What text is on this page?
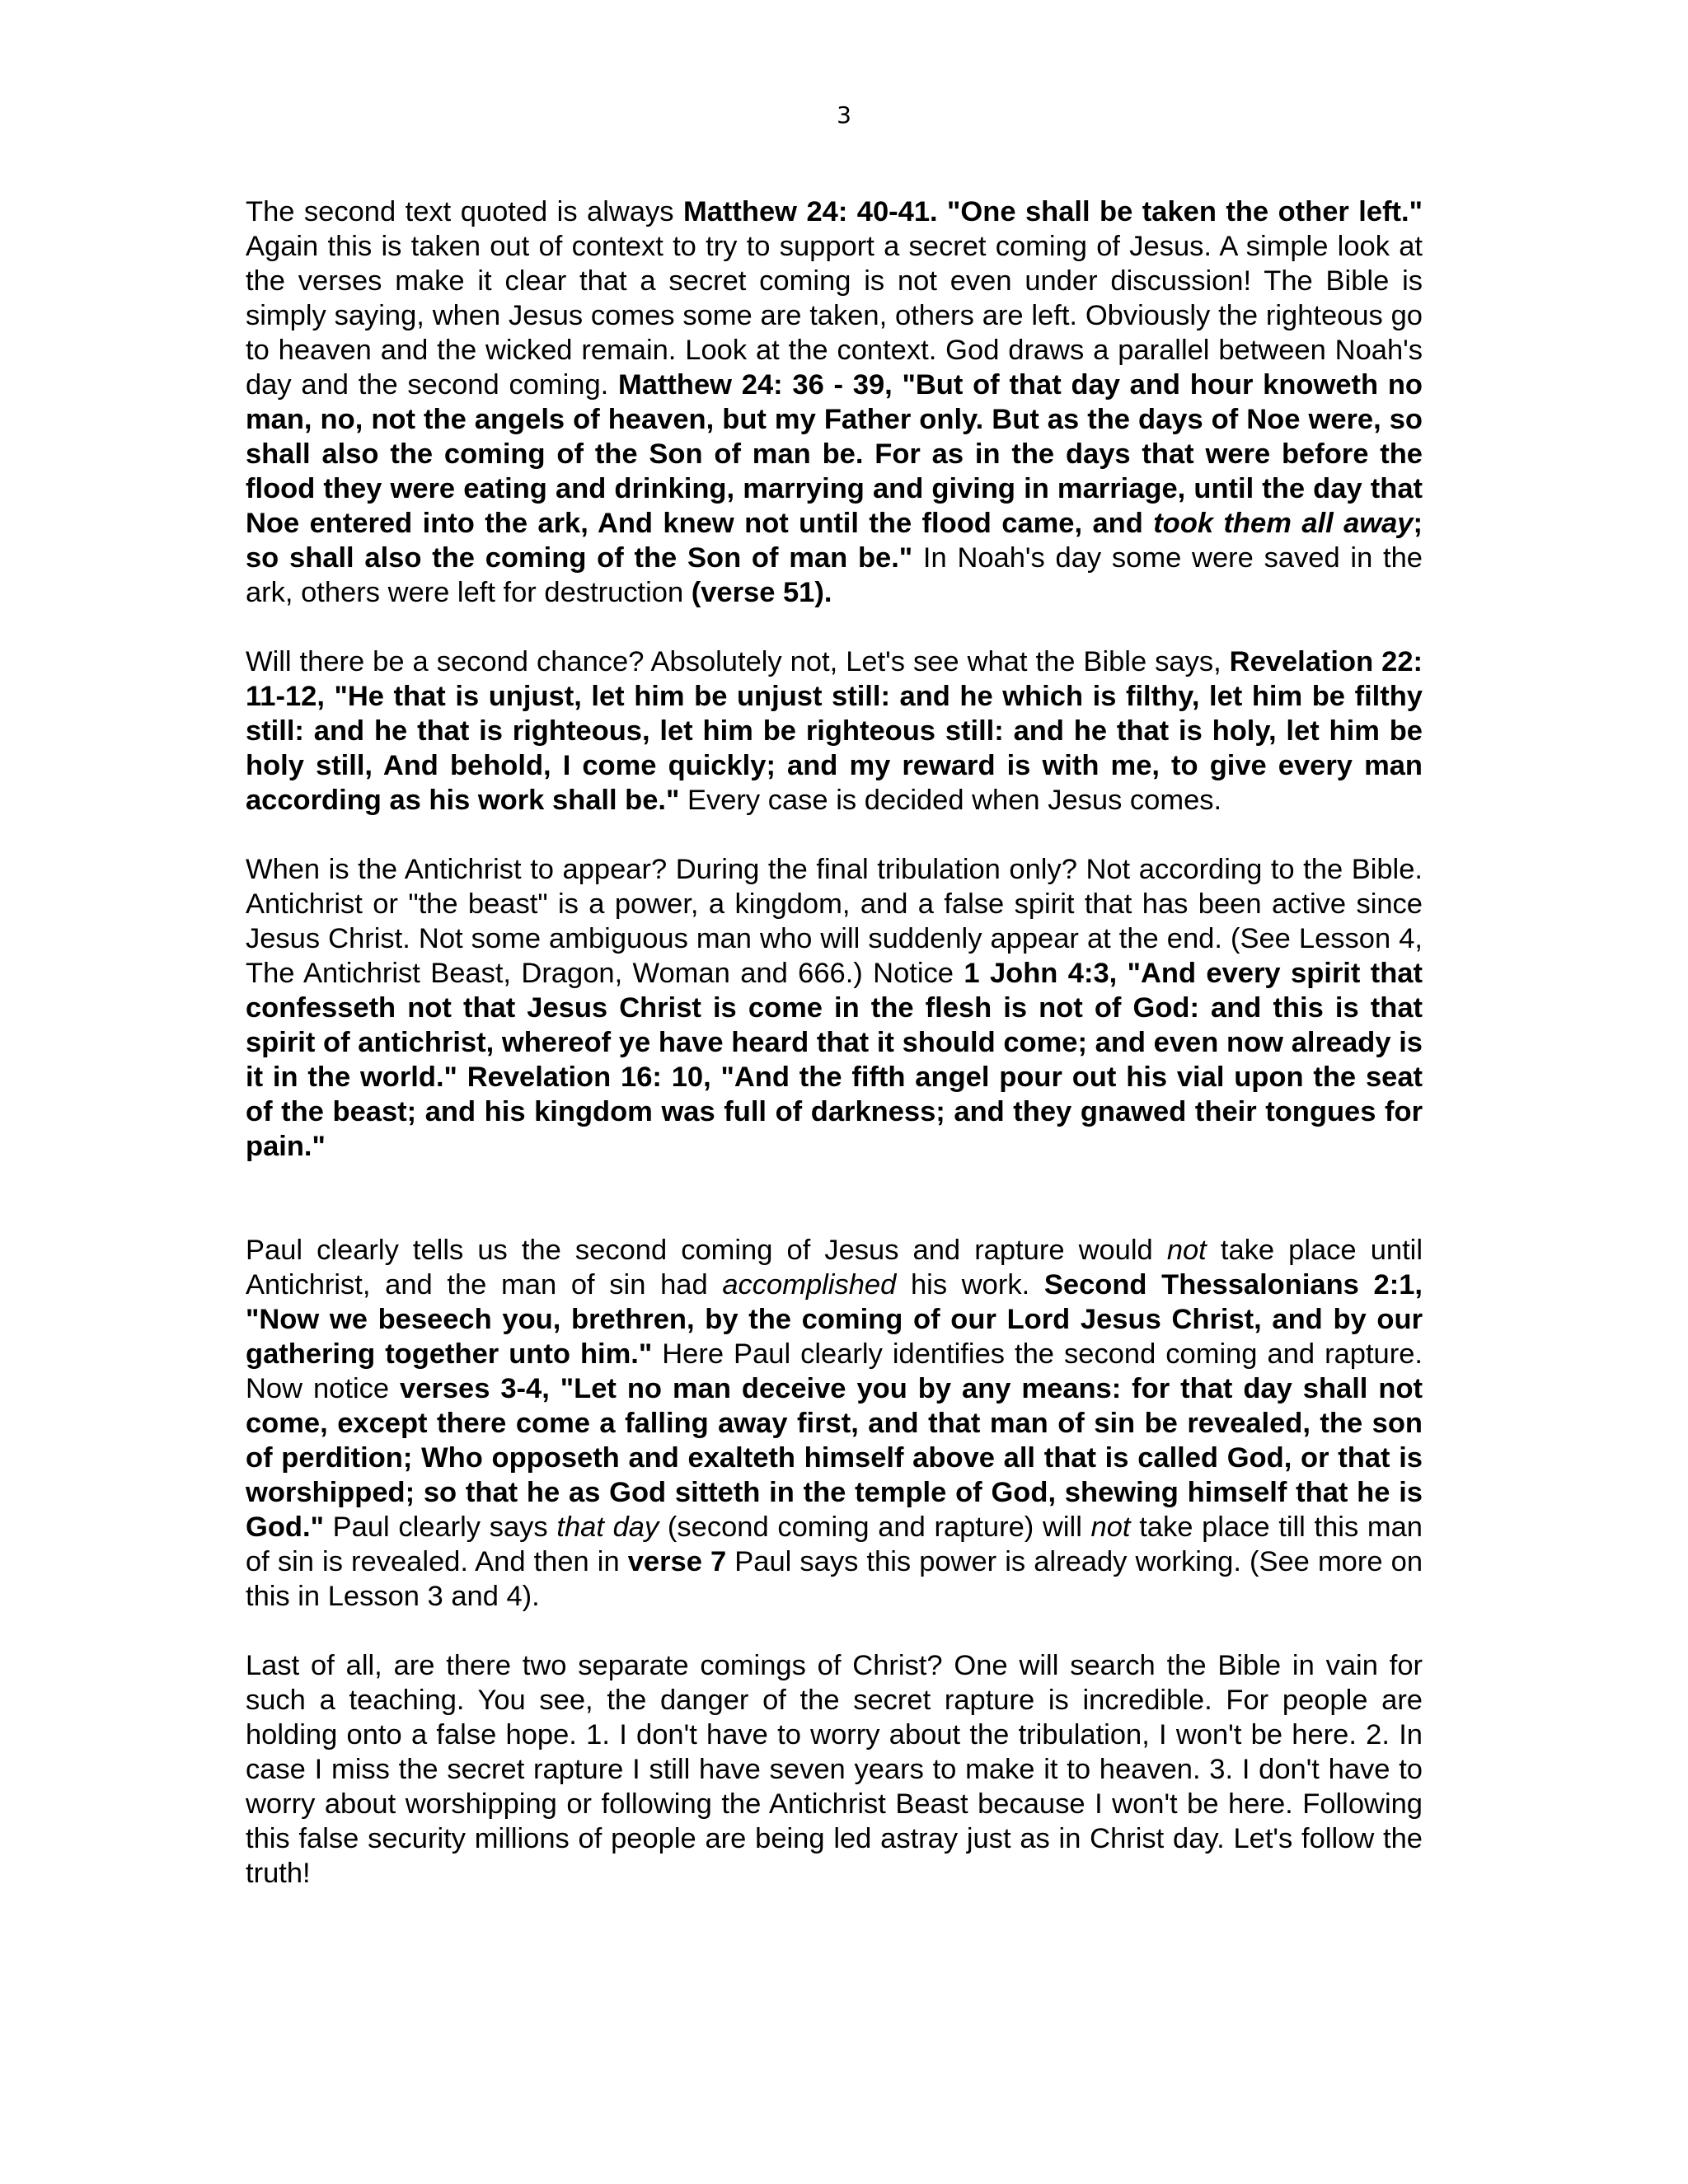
3

The second text quoted is always Matthew 24: 40-41. "One shall be taken the other left." Again this is taken out of context to try to support a secret coming of Jesus. A simple look at the verses make it clear that a secret coming is not even under discussion! The Bible is simply saying, when Jesus comes some are taken, others are left. Obviously the righteous go to heaven and the wicked remain. Look at the context. God draws a parallel between Noah's day and the second coming. Matthew 24: 36 - 39, "But of that day and hour knoweth no man, no, not the angels of heaven, but my Father only. But as the days of Noe were, so shall also the coming of the Son of man be. For as in the days that were before the flood they were eating and drinking, marrying and giving in marriage, until the day that Noe entered into the ark, And knew not until the flood came, and took them all away; so shall also the coming of the Son of man be." In Noah's day some were saved in the ark, others were left for destruction (verse 51).

Will there be a second chance? Absolutely not, Let's see what the Bible says, Revelation 22: 11-12, "He that is unjust, let him be unjust still: and he which is filthy, let him be filthy still: and he that is righteous, let him be righteous still: and he that is holy, let him be holy still, And behold, I come quickly; and my reward is with me, to give every man according as his work shall be." Every case is decided when Jesus comes.

When is the Antichrist to appear? During the final tribulation only? Not according to the Bible. Antichrist or "the beast" is a power, a kingdom, and a false spirit that has been active since Jesus Christ. Not some ambiguous man who will suddenly appear at the end. (See Lesson 4, The Antichrist Beast, Dragon, Woman and 666.) Notice 1 John 4:3, "And every spirit that confesseth not that Jesus Christ is come in the flesh is not of God: and this is that spirit of antichrist, whereof ye have heard that it should come; and even now already is it in the world." Revelation 16: 10, "And the fifth angel pour out his vial upon the seat of the beast; and his kingdom was full of darkness; and they gnawed their tongues for pain."

Paul clearly tells us the second coming of Jesus and rapture would not take place until Antichrist, and the man of sin had accomplished his work. Second Thessalonians 2:1, "Now we beseech you, brethren, by the coming of our Lord Jesus Christ, and by our gathering together unto him." Here Paul clearly identifies the second coming and rapture. Now notice verses 3-4, "Let no man deceive you by any means: for that day shall not come, except there come a falling away first, and that man of sin be revealed, the son of perdition; Who opposeth and exalteth himself above all that is called God, or that is worshipped; so that he as God sitteth in the temple of God, shewing himself that he is God." Paul clearly says that day (second coming and rapture) will not take place till this man of sin is revealed. And then in verse 7 Paul says this power is already working. (See more on this in Lesson 3 and 4).

Last of all, are there two separate comings of Christ? One will search the Bible in vain for such a teaching. You see, the danger of the secret rapture is incredible. For people are holding onto a false hope. 1. I don't have to worry about the tribulation, I won't be here. 2. In case I miss the secret rapture I still have seven years to make it to heaven. 3. I don't have to worry about worshipping or following the Antichrist Beast because I won't be here. Following this false security millions of people are being led astray just as in Christ day. Let's follow the truth!
